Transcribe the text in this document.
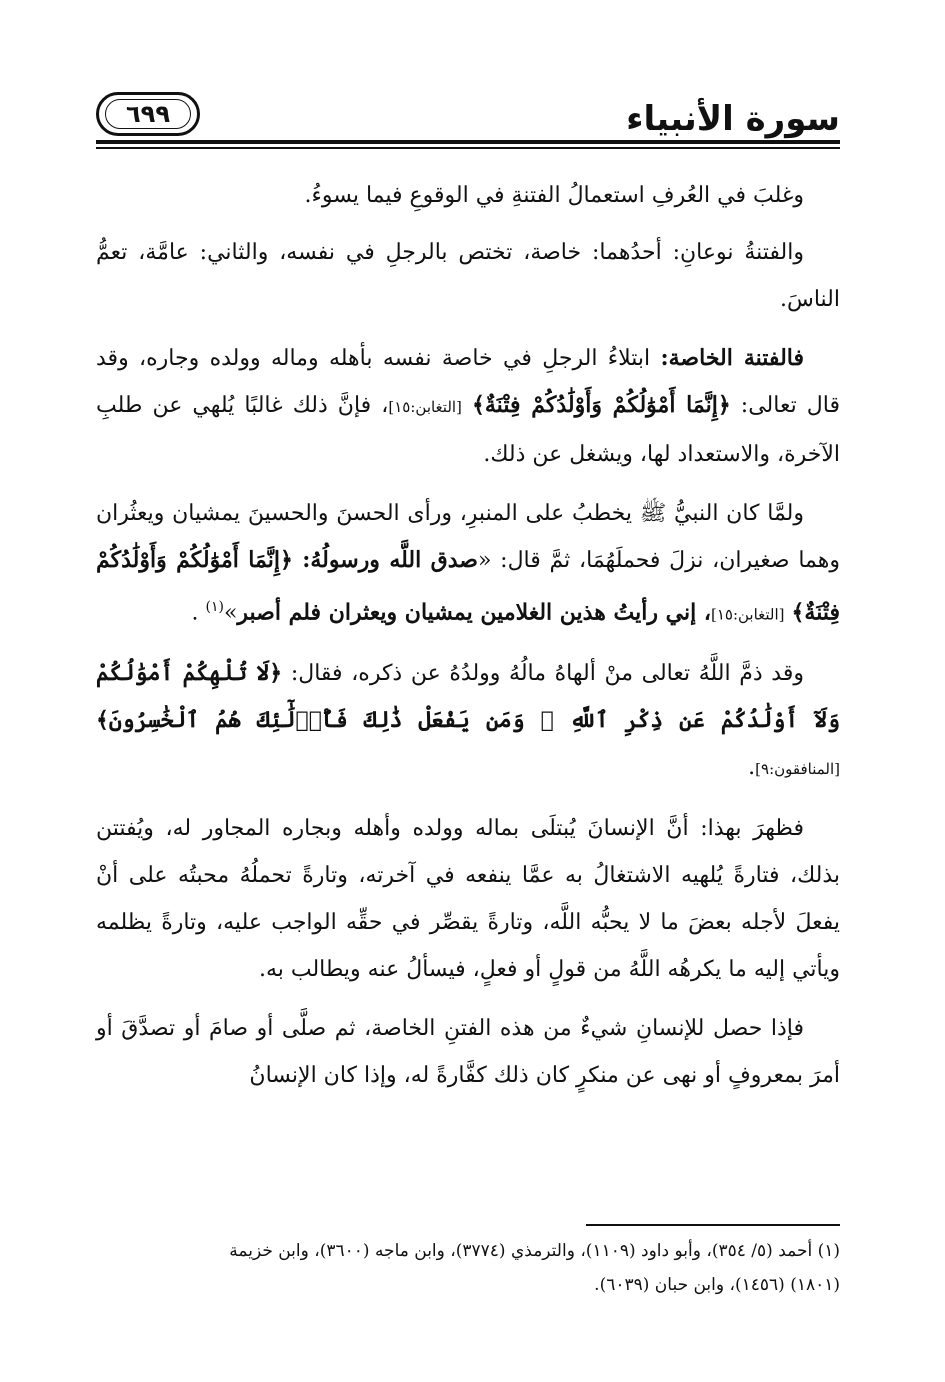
سورة الأنبياء
٦٩٩

وغلبَ في العُرفِ استعمالُ الفتنةِ في الوقوعِ فيما يسوءُ.

والفتنةُ نوعانِ: أحدُهما: خاصة، تختص بالرجلِ في نفسه، والثاني: عامَّة، تعمُّ الناسَ.

فالفتنة الخاصة: ابتلاءُ الرجلِ في خاصة نفسه بأهله وماله وولده وجاره، وقد قال تعالى: ﴿إِنَّمَا أَمْوَٰلُكُمْ وَأَوْلَٰدُكُمْ فِتْنَةٌ﴾ [التغابن:١٥]، فإنَّ ذلك غالبًا يُلهي عن طلبِ الآخرة، والاستعداد لها، ويشغل عن ذلك.

ولمَّا كان النبيُّ ﷺ يخطبُ على المنبرِ، ورأى الحسنَ والحسينَ يمشيان ويعثُران وهما صغيران، نزلَ فحملَهُمَا، ثمَّ قال: «صدق اللَّه ورسولُهُ: ﴿إِنَّمَا أَمْوَٰلُكُمْ وَأَوْلَٰدُكُمْ فِتْنَةٌ﴾ [التغابن:١٥]، إني رأيتُ هذين الغلامين يمشيان ويعثران فلم أصبر»$^{(١)}$ .

وقد ذمَّ اللَّهُ تعالى منْ ألهاهُ مالُهُ وولدُهُ عن ذكره، فقال: ﴿لَا تُلْهِكُمْ أَمْوَٰلُكُمْ وَلَآ أَوْلَٰدُكُمْ عَن ذِكْرِ ٱللَّهِ ۚ وَمَن يَفْعَلْ ذَٰلِكَ فَأُو۟لَٰٓئِكَ هُمُ ٱلْخَٰسِرُونَ﴾ [المنافقون:٩].

فظهرَ بهذا: أنَّ الإنسانَ يُبتلَى بماله وولده وأهله وبجاره المجاور له، ويُفتتن بذلك، فتارةً يُلهيه الاشتغالُ به عمَّا ينفعه في آخرته، وتارةً تحملُهُ محبتُه على أنْ يفعلَ لأجله بعضَ ما لا يحبُّه اللَّه، وتارةً يقصِّر في حقِّه الواجب عليه، وتارةً يظلمه ويأتي إليه ما يكرهُه اللَّهُ من قولٍ أو فعلٍ، فيسألُ عنه ويطالب به.

فإذا حصل للإنسانِ شيءٌ من هذه الفتنِ الخاصة، ثم صلَّى أو صامَ أو تصدَّقَ أو أمرَ بمعروفٍ أو نهى عن منكرٍ كان ذلك كفَّارةً له، وإذا كان الإنسانُ

(١) أحمد (٥/ ٣٥٤)، وأبو داود (١١٠٩)، والترمذي (٣٧٧٤)، وابن ماجه (٣٦٠٠)، وابن خزيمة

(١٨٠١) (١٤٥٦)، وابن حبان (٦٠٣٩).
